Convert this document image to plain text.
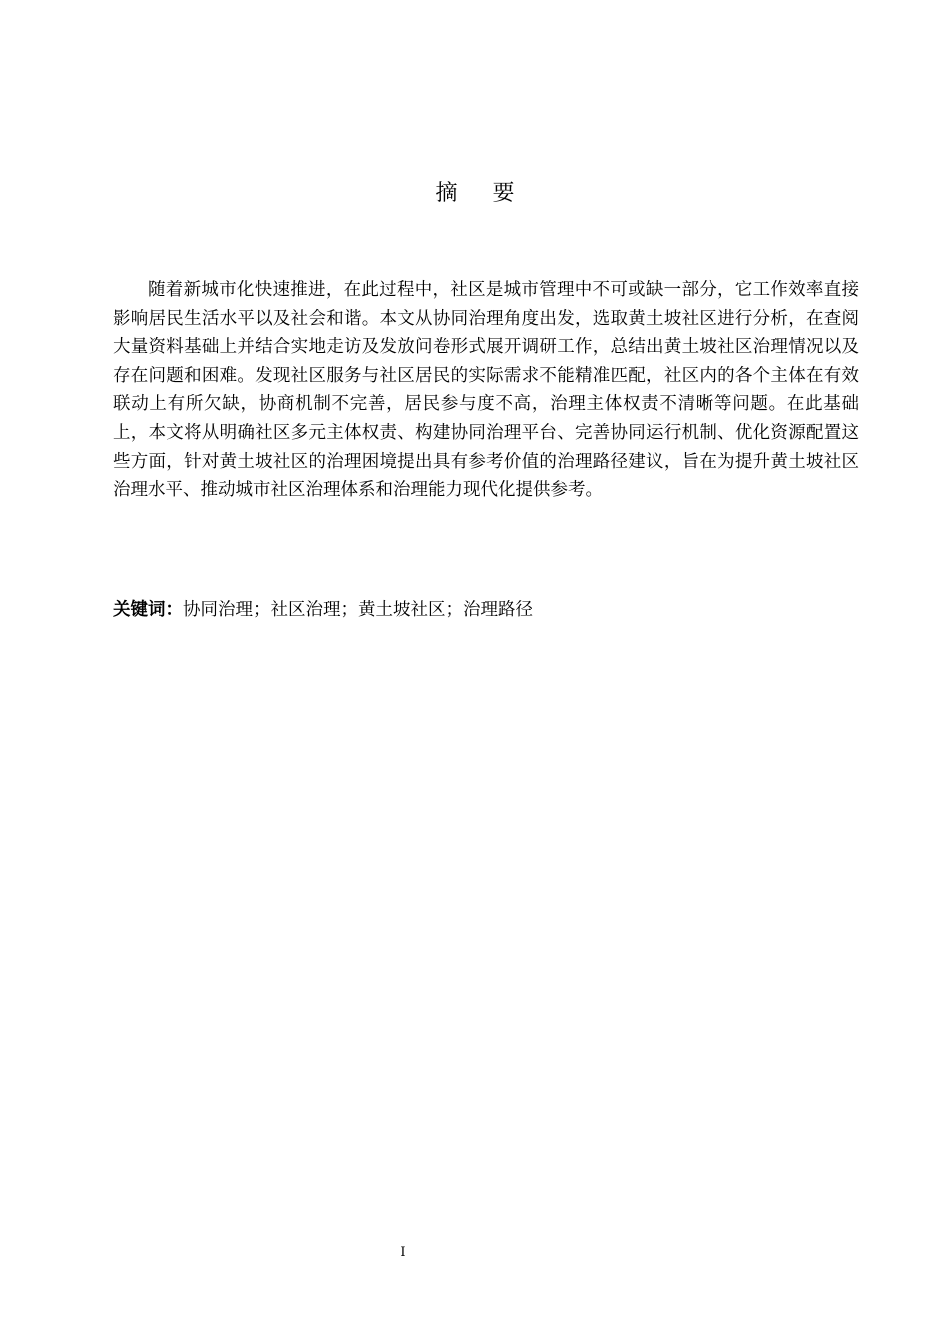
摘 要

随着新城市化快速推进，在此过程中，社区是城市管理中不可或缺一部分，它工作效率直接影响居民生活水平以及社会和谐。本文从协同治理角度出发，选取黄土坡社区进行分析，在查阅大量资料基础上并结合实地走访及发放问卷形式展开调研工作，总结出黄土坡社区治理情况以及存在问题和困难。发现社区服务与社区居民的实际需求不能精准匹配，社区内的各个主体在有效联动上有所欠缺，协商机制不完善，居民参与度不高，治理主体权责不清晰等问题。在此基础上，本文将从明确社区多元主体权责、构建协同治理平台、完善协同运行机制、优化资源配置这些方面，针对黄土坡社区的治理困境提出具有参考价值的治理路径建议，旨在为提升黄土坡社区治理水平、推动城市社区治理体系和治理能力现代化提供参考。

关键词：协同治理；社区治理；黄土坡社区；治理路径

I
